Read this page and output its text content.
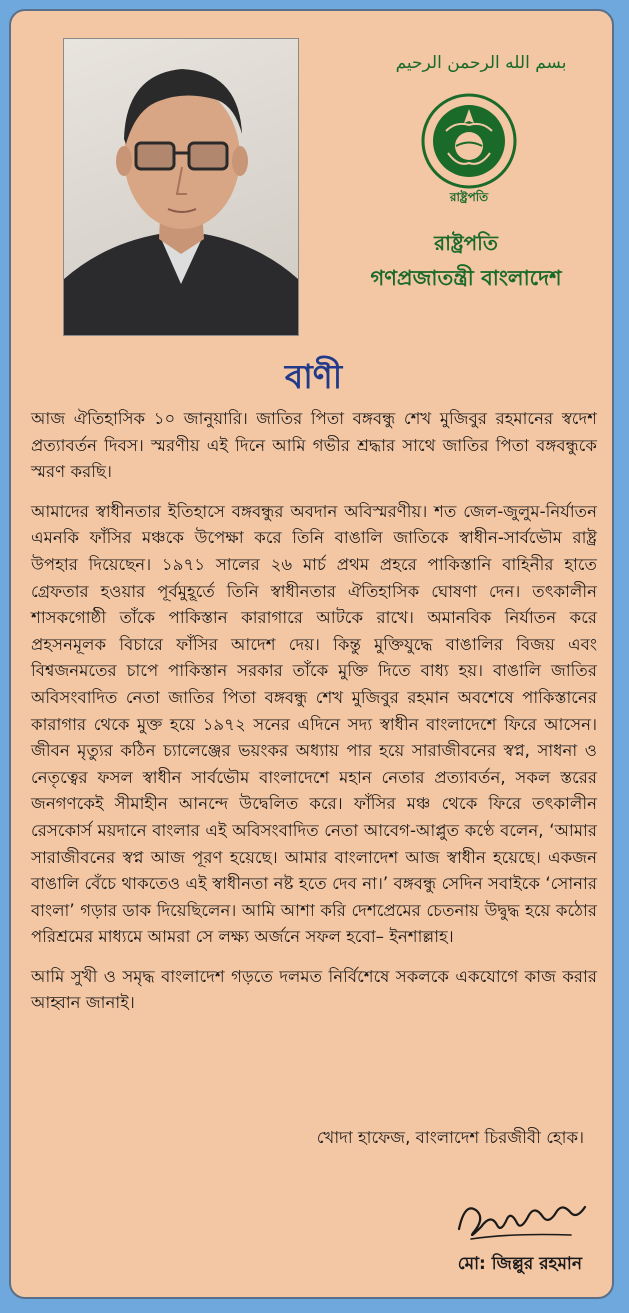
بسم الله الرحمن الرحيم
রাষ্ট্রপতি
রাষ্ট্রপতি
গণপ্রজাতন্ত্রী বাংলাদেশ
বাণী

আজ ঐতিহাসিক ১০ জানুয়ারি। জাতির পিতা বঙ্গবন্ধু শেখ মুজিবুর রহমানের স্বদেশ প্রত্যাবর্তন দিবস। স্মরণীয় এই দিনে আমি গভীর শ্রদ্ধার সাথে জাতির পিতা বঙ্গবন্ধুকে স্মরণ করছি।

আমাদের স্বাধীনতার ইতিহাসে বঙ্গবন্ধুর অবদান অবিস্মরণীয়। শত জেল-জুলুম-নির্যাতন এমনকি ফাঁসির মঞ্চকে উপেক্ষা করে তিনি বাঙালি জাতিকে স্বাধীন-সার্বভৌম রাষ্ট্র উপহার দিয়েছেন। ১৯৭১ সালের ২৬ মার্চ প্রথম প্রহরে পাকিস্তানি বাহিনীর হাতে গ্রেফতার হওয়ার পূর্বমুহূর্তে তিনি স্বাধীনতার ঐতিহাসিক ঘোষণা দেন। তৎকালীন শাসকগোষ্ঠী তাঁকে পাকিস্তান কারাগারে আটকে রাখে। অমানবিক নির্যাতন করে প্রহসনমূলক বিচারে ফাঁসির আদেশ দেয়। কিন্তু মুক্তিযুদ্ধে বাঙালির বিজয় এবং বিশ্বজনমতের চাপে পাকিস্তান সরকার তাঁকে মুক্তি দিতে বাধ্য হয়। বাঙালি জাতির অবিসংবাদিত নেতা জাতির পিতা বঙ্গবন্ধু শেখ মুজিবুর রহমান অবশেষে পাকিস্তানের কারাগার থেকে মুক্ত হয়ে ১৯৭২ সনের এদিনে সদ্য স্বাধীন বাংলাদেশে ফিরে আসেন। জীবন মৃত্যুর কঠিন চ্যালেঞ্জের ভয়ংকর অধ্যায় পার হয়ে সারাজীবনের স্বপ্ন, সাধনা ও নেতৃত্বের ফসল স্বাধীন সার্বভৌম বাংলাদেশে মহান নেতার প্রত্যাবর্তন, সকল স্তরের জনগণকেই সীমাহীন আনন্দে উদ্বেলিত করে। ফাঁসির মঞ্চ থেকে ফিরে তৎকালীন রেসকোর্স ময়দানে বাংলার এই অবিসংবাদিত নেতা আবেগ-আপ্লুত কণ্ঠে বলেন, ‘আমার সারাজীবনের স্বপ্ন আজ পূরণ হয়েছে। আমার বাংলাদেশ আজ স্বাধীন হয়েছে। একজন বাঙালি বেঁচে থাকতেও এই স্বাধীনতা নষ্ট হতে দেব না।’ বঙ্গবন্ধু সেদিন সবাইকে ‘সোনার বাংলা’ গড়ার ডাক দিয়েছিলেন। আমি আশা করি দেশপ্রেমের চেতনায় উদ্বুদ্ধ হয়ে কঠোর পরিশ্রমের মাধ্যমে আমরা সে লক্ষ্য অর্জনে সফল হবো– ইনশাল্লাহ।

আমি সুখী ও সমৃদ্ধ বাংলাদেশ গড়তে দলমত নির্বিশেষে সকলকে একযোগে কাজ করার আহ্বান জানাই।

খোদা হাফেজ, বাংলাদেশ চিরজীবী হোক।
মো: জিল্লুর রহমান
